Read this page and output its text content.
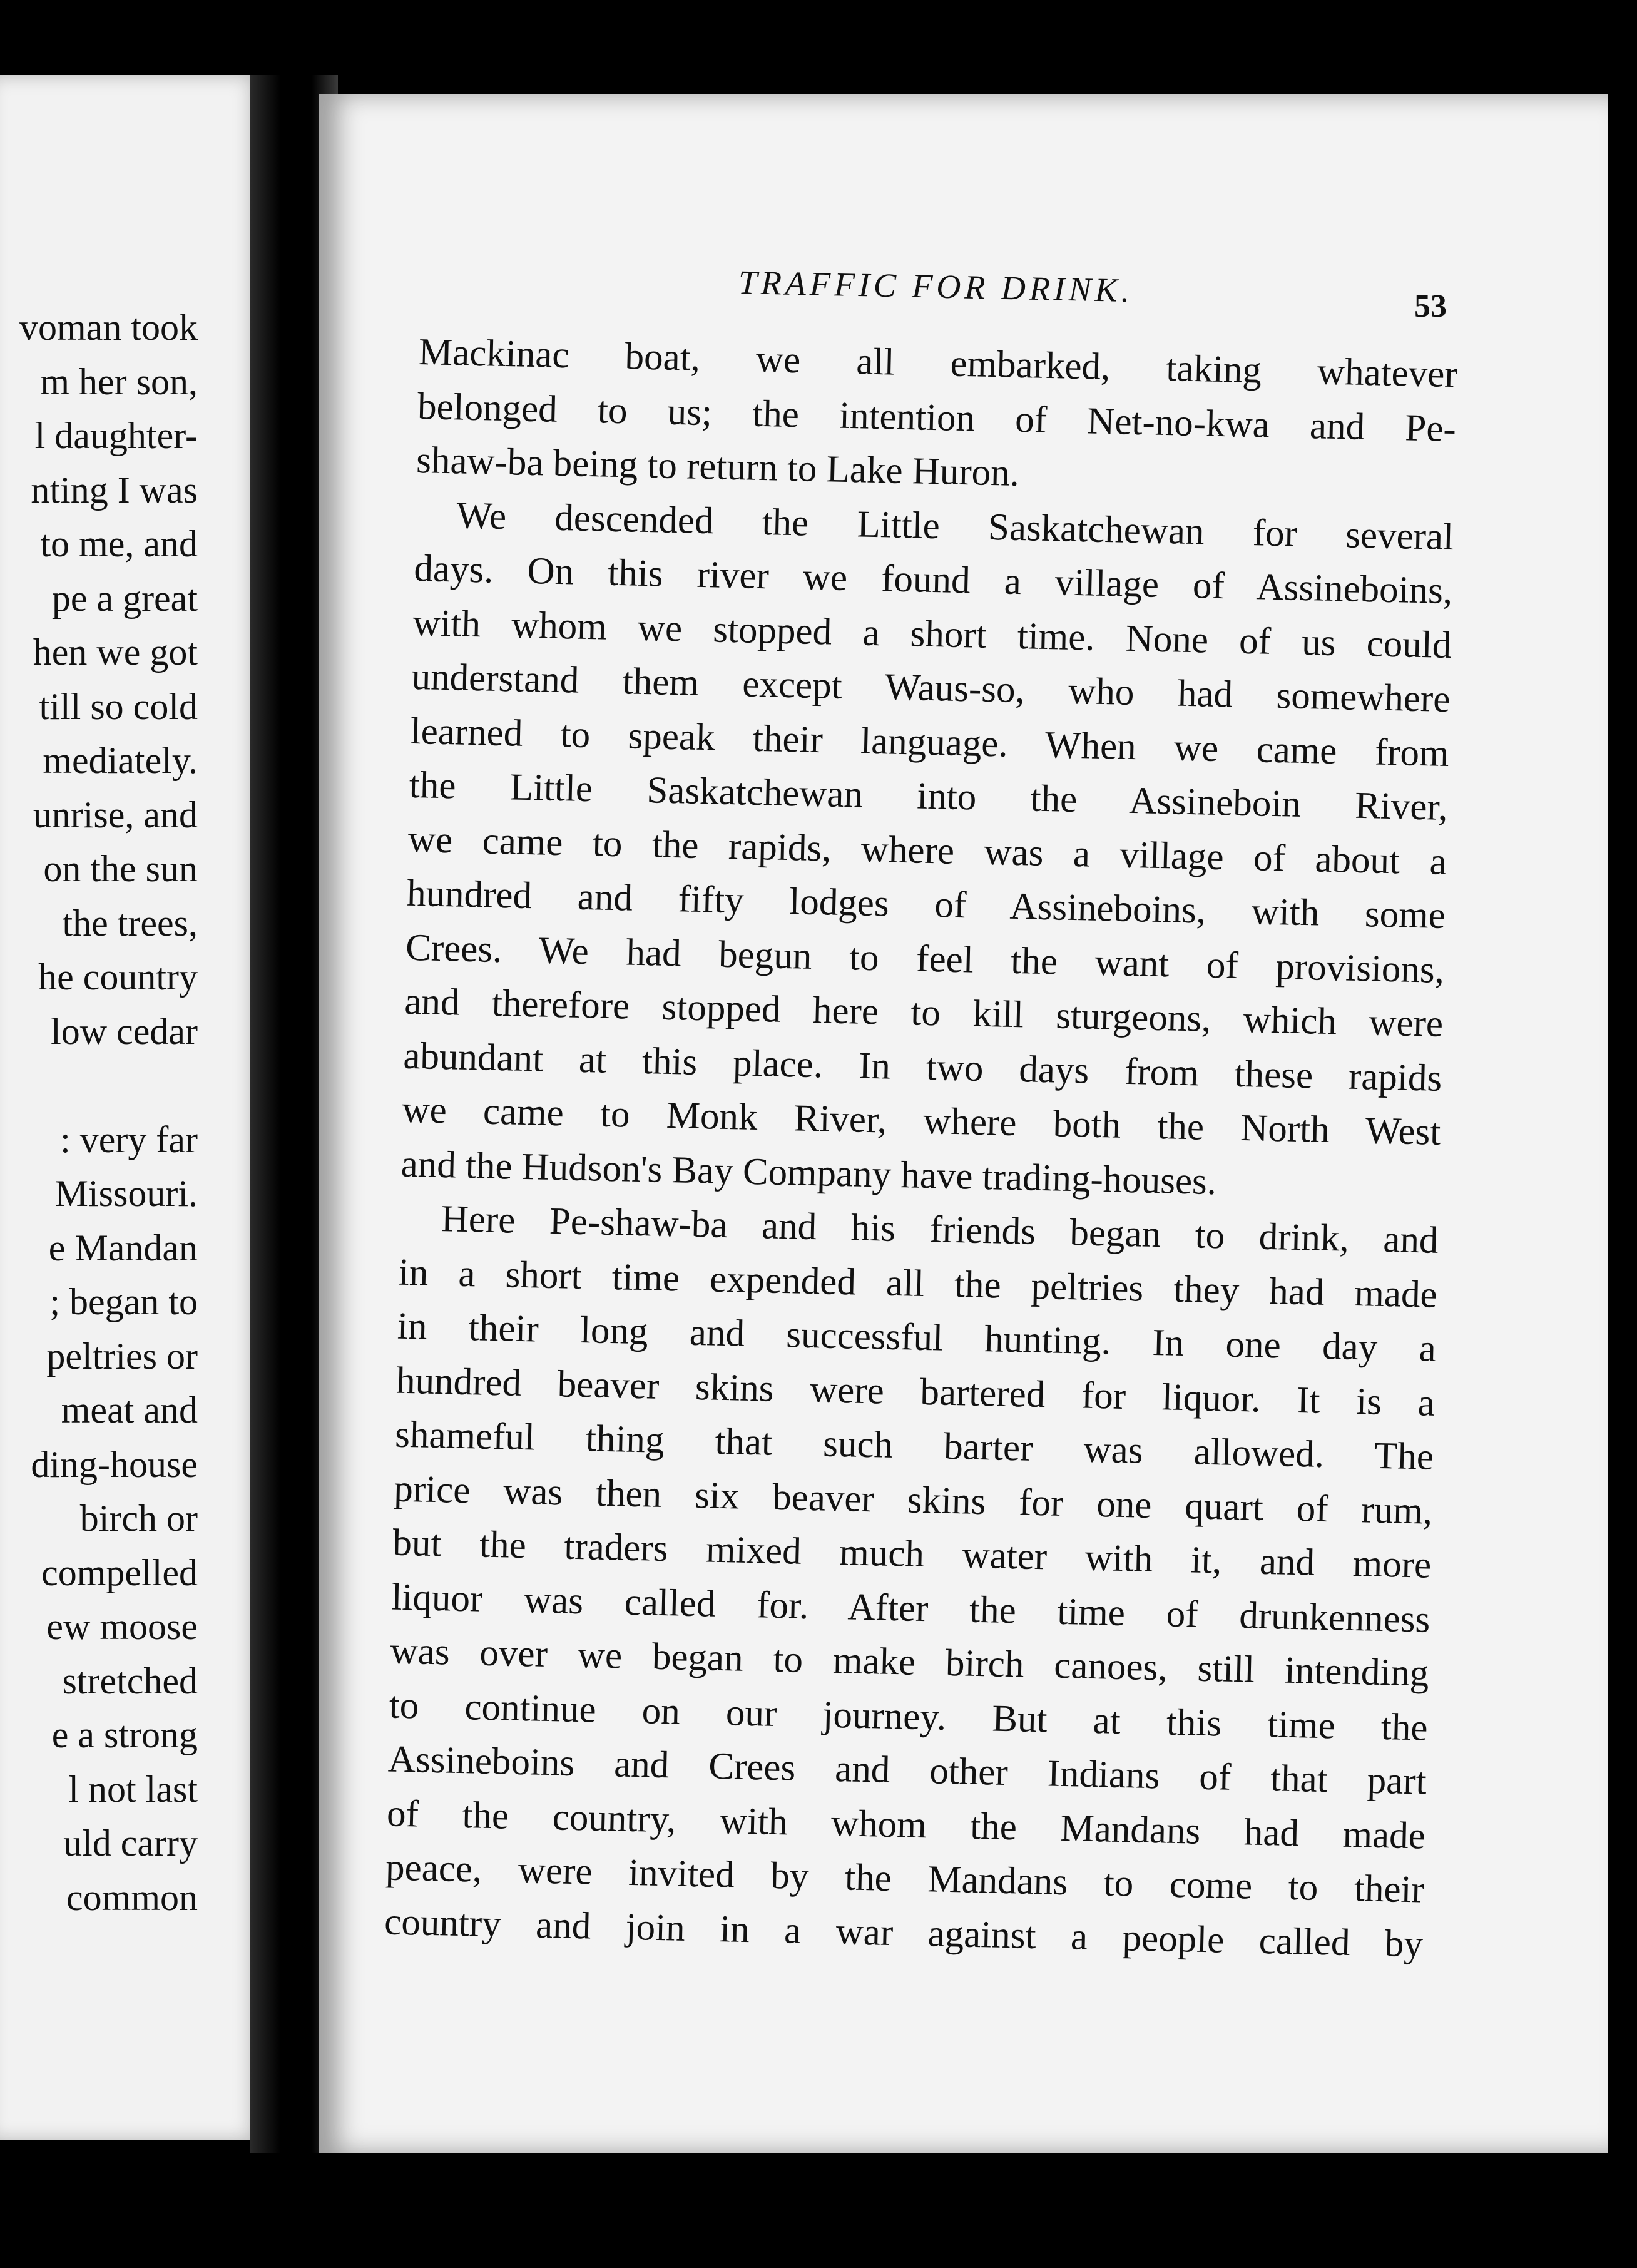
voman took
m her son,
l daughter-
nting I was
to me, and
pe a great
hen we got
till so cold
mediately.
unrise, and
on the sun
the trees,
he country
low cedar

: very far
Missouri.
e Mandan
; began to
peltries or
meat and
ding-house
birch or
compelled
ew moose
stretched
e a strong
l not last
uld carry
common
TRAFFIC FOR DRINK.	53
Mackinac boat, we all embarked, taking whatever
belonged to us; the intention of Net-no-kwa and Pe-
shaw-ba being to return to Lake Huron.
We descended the Little Saskatchewan for several
days. On this river we found a village of Assineboins,
with whom we stopped a short time. None of us could
understand them except Waus-so, who had somewhere
learned to speak their language. When we came from
the Little Saskatchewan into the Assineboin River,
we came to the rapids, where was a village of about a
hundred and fifty lodges of Assineboins, with some
Crees. We had begun to feel the want of provisions,
and therefore stopped here to kill sturgeons, which were
abundant at this place. In two days from these rapids
we came to Monk River, where both the North West
and the Hudson's Bay Company have trading-houses.
Here Pe-shaw-ba and his friends began to drink, and
in a short time expended all the peltries they had made
in their long and successful hunting. In one day a
hundred beaver skins were bartered for liquor. It is a
shameful thing that such barter was allowed. The
price was then six beaver skins for one quart of rum,
but the traders mixed much water with it, and more
liquor was called for. After the time of drunkenness
was over we began to make birch canoes, still intending
to continue on our journey. But at this time the
Assineboins and Crees and other Indians of that part
of the country, with whom the Mandans had made
peace, were invited by the Mandans to come to their
country and join in a war against a people called by
